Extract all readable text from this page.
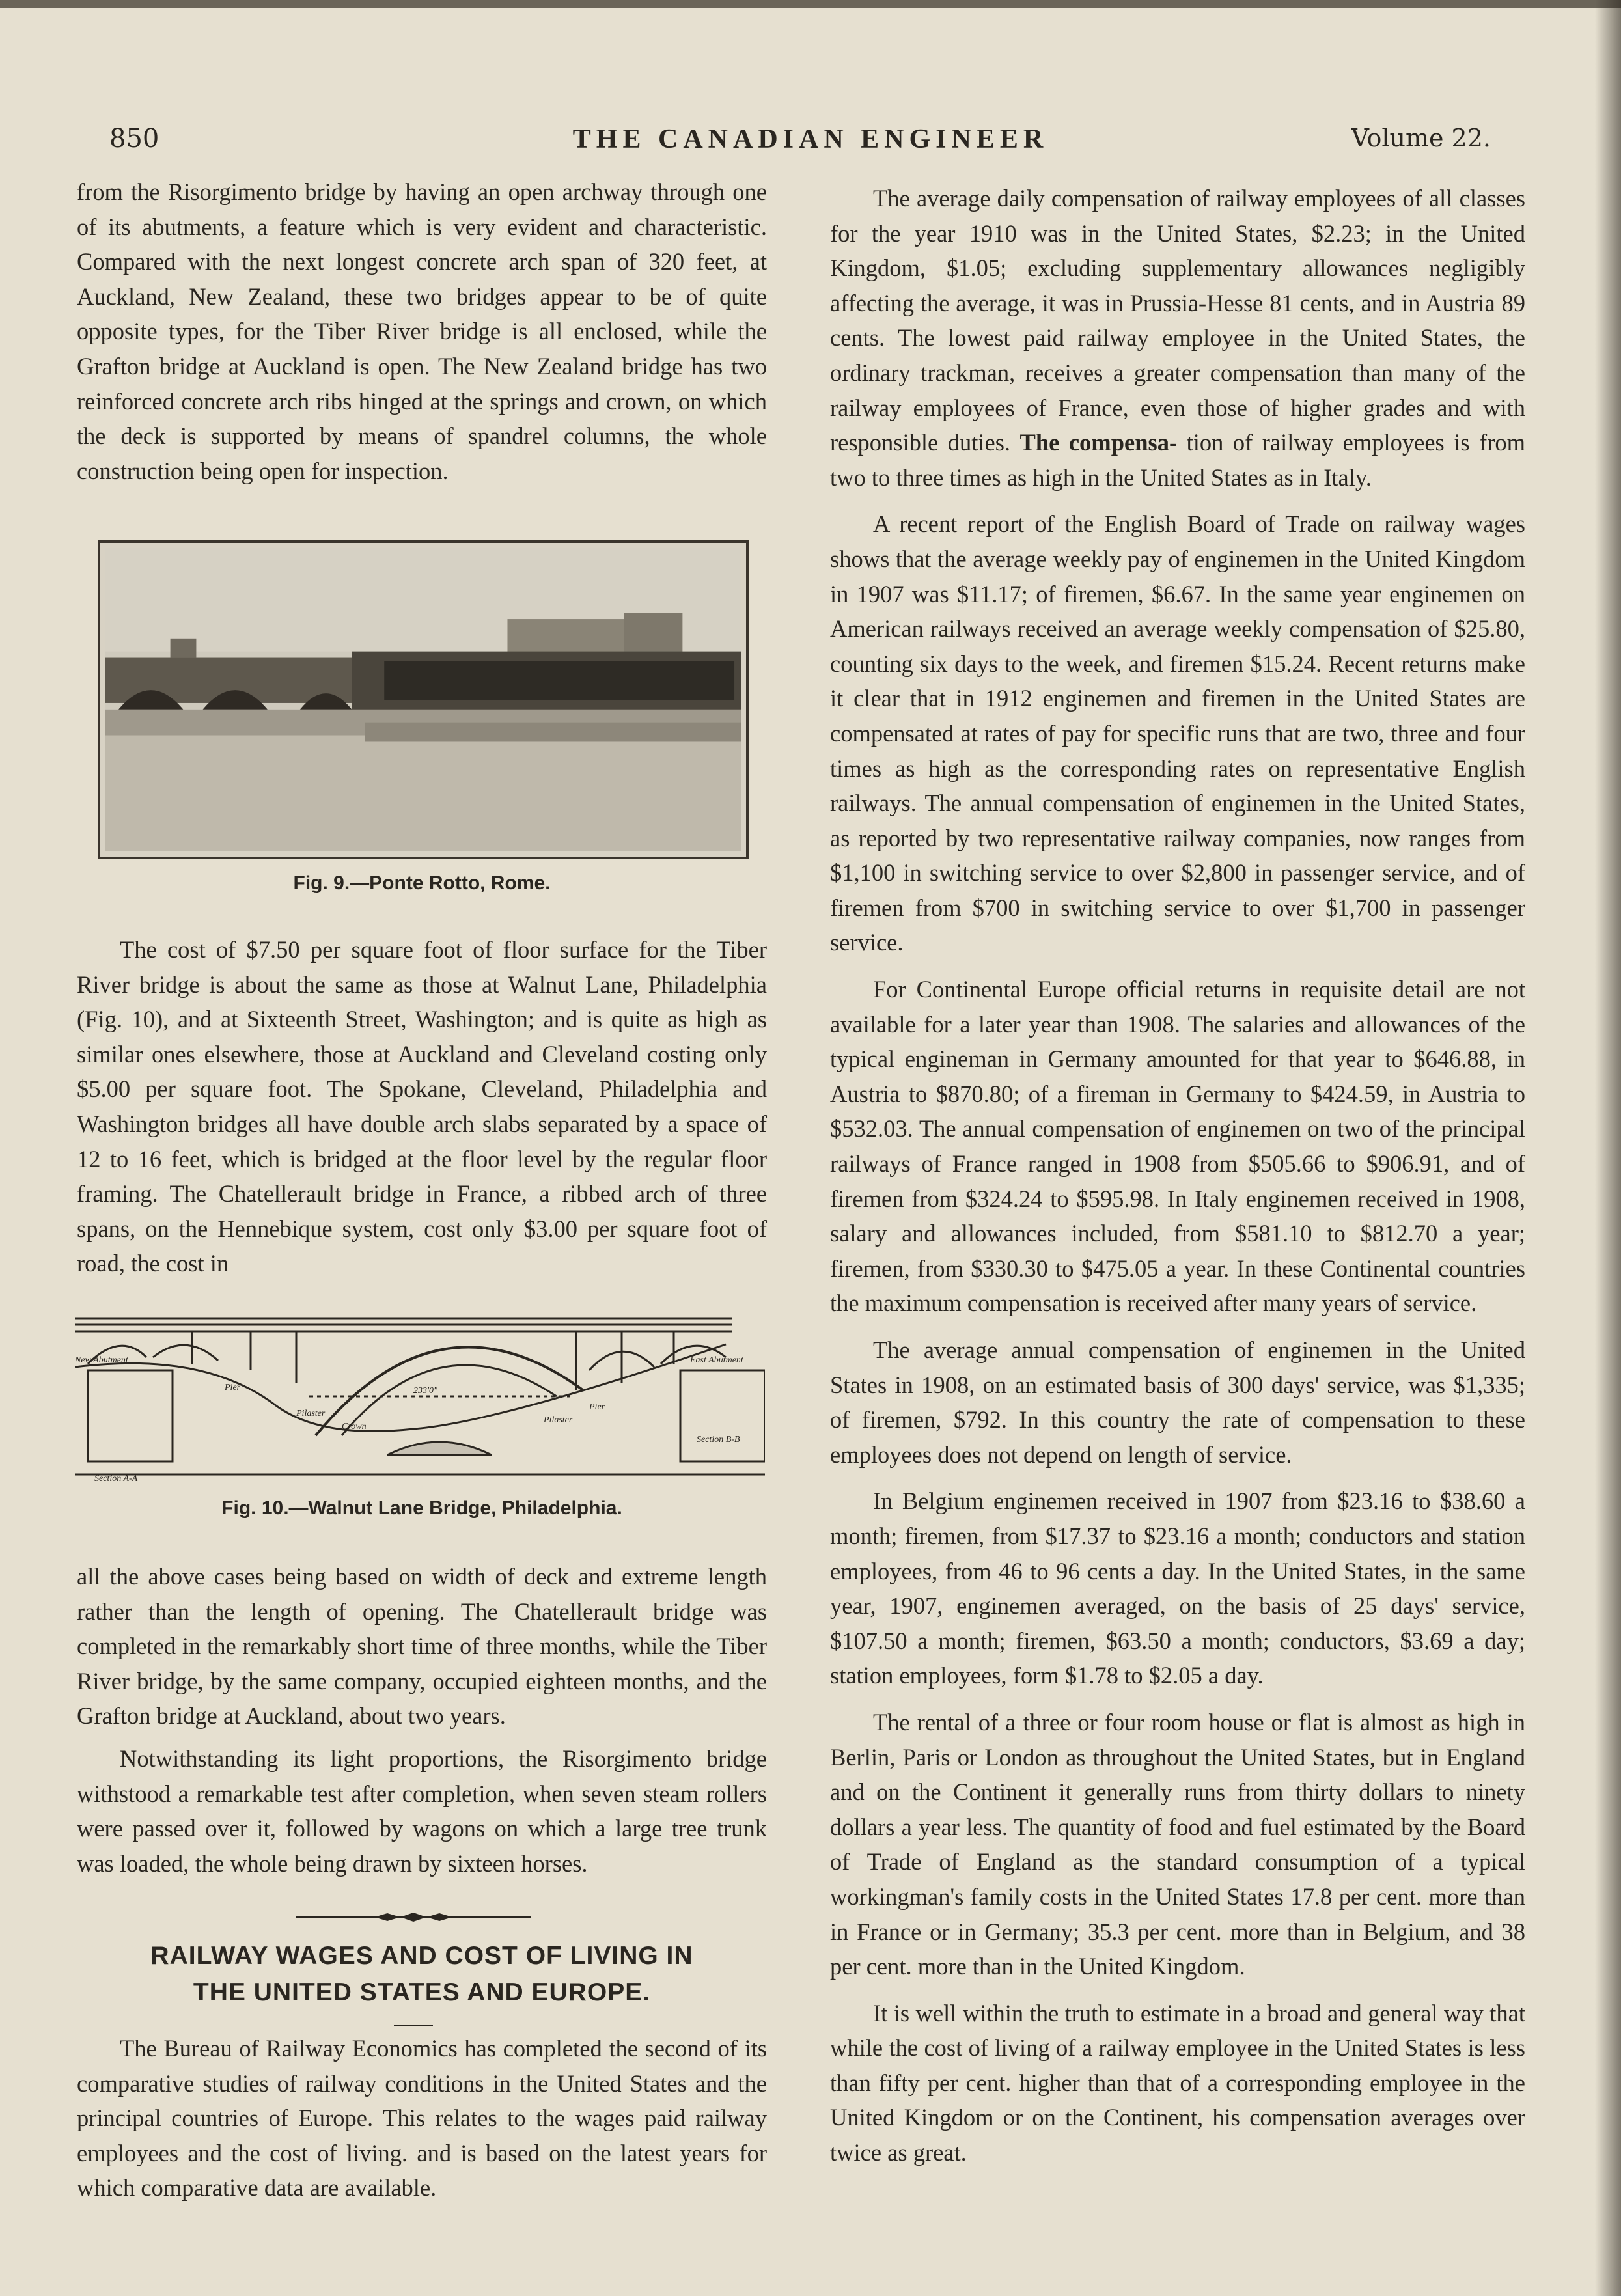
850	THE CANADIAN ENGINEER	Volume 22.

from the Risorgimento bridge by having an open archway through one of its abutments, a feature which is very evident and characteristic. Compared with the next longest concrete arch span of 320 feet, at Auckland, New Zealand, these two bridges appear to be of quite opposite types, for the Tiber River bridge is all enclosed, while the Grafton bridge at Auckland is open. The New Zealand bridge has two reinforced concrete arch ribs hinged at the springs and crown, on which the deck is supported by means of spandrel columns, the whole construction being open for inspection.

Fig. 9.—Ponte Rotto, Rome.

The cost of $7.50 per square foot of floor surface for the Tiber River bridge is about the same as those at Walnut Lane, Philadelphia (Fig. 10), and at Sixteenth Street, Washington; and is quite as high as similar ones elsewhere, those at Auckland and Cleveland costing only $5.00 per square foot. The Spokane, Cleveland, Philadelphia and Washington bridges all have double arch slabs separated by a space of 12 to 16 feet, which is bridged at the floor level by the regular floor framing. The Chatellerault bridge in France, a ribbed arch of three spans, on the Hennebique system, cost only $3.00 per square foot of road, the cost in

233'0"
New Abutment	East Abutment
Section A-A
Section B-B
Crown
Pier
Pier
Pilaster
Pilaster
Fig. 10.—Walnut Lane Bridge, Philadelphia.

all the above cases being based on width of deck and extreme length rather than the length of opening. The Chatellerault bridge was completed in the remarkably short time of three months, while the Tiber River bridge, by the same company, occupied eighteen months, and the Grafton bridge at Auckland, about two years.

Notwithstanding its light proportions, the Risorgimento bridge withstood a remarkable test after completion, when seven steam rollers were passed over it, followed by wagons on which a large tree trunk was loaded, the whole being drawn by sixteen horses.

RAILWAY WAGES AND COST OF LIVING IN
THE UNITED STATES AND EUROPE.

The Bureau of Railway Economics has completed the second of its comparative studies of railway conditions in the United States and the principal countries of Europe. This relates to the wages paid railway employees and the cost of living. and is based on the latest years for which comparative data are available.

The average daily compensation of railway employees of all classes for the year 1910 was in the United States, $2.23; in the United Kingdom, $1.05; excluding supplementary allowances negligibly affecting the average, it was in Prussia-Hesse 81 cents, and in Austria 89 cents. The lowest paid railway employee in the United States, the ordinary trackman, receives a greater compensation than many of the railway employees of France, even those of higher grades and with responsible duties. The compensa- tion of railway employees is from two to three times as high in the United States as in Italy.

A recent report of the English Board of Trade on railway wages shows that the average weekly pay of enginemen in the United Kingdom in 1907 was $11.17; of firemen, $6.67. In the same year enginemen on American railways received an average weekly compensation of $25.80, counting six days to the week, and firemen $15.24. Recent returns make it clear that in 1912 enginemen and firemen in the United States are compensated at rates of pay for specific runs that are two, three and four times as high as the corresponding rates on representative English railways. The annual compensation of enginemen in the United States, as reported by two representative railway companies, now ranges from $1,100 in switching service to over $2,800 in passenger service, and of firemen from $700 in switching service to over $1,700 in passenger service.

For Continental Europe official returns in requisite detail are not available for a later year than 1908. The salaries and allowances of the typical engineman in Germany amounted for that year to $646.88, in Austria to $870.80; of a fireman in Germany to $424.59, in Austria to $532.03. The annual compensation of enginemen on two of the principal railways of France ranged in 1908 from $505.66 to $906.91, and of firemen from $324.24 to $595.98. In Italy enginemen received in 1908, salary and allowances included, from $581.10 to $812.70 a year; firemen, from $330.30 to $475.05 a year. In these Continental countries the maximum compensation is received after many years of service.

The average annual compensation of enginemen in the United States in 1908, on an estimated basis of 300 days' service, was $1,335; of firemen, $792. In this country the rate of compensation to these employees does not depend on length of service.

In Belgium enginemen received in 1907 from $23.16 to $38.60 a month; firemen, from $17.37 to $23.16 a month; conductors and station employees, from 46 to 96 cents a day. In the United States, in the same year, 1907, enginemen averaged, on the basis of 25 days' service, $107.50 a month; firemen, $63.50 a month; conductors, $3.69 a day; station employees, form $1.78 to $2.05 a day.

The rental of a three or four room house or flat is almost as high in Berlin, Paris or London as throughout the United States, but in England and on the Continent it generally runs from thirty dollars to ninety dollars a year less. The quantity of food and fuel estimated by the Board of Trade of England as the standard consumption of a typical workingman's family costs in the United States 17.8 per cent. more than in France or in Germany; 35.3 per cent. more than in Belgium, and 38 per cent. more than in the United Kingdom.

It is well within the truth to estimate in a broad and general way that while the cost of living of a railway employee in the United States is less than fifty per cent. higher than that of a corresponding employee in the United Kingdom or on the Continent, his compensation averages over twice as great.
